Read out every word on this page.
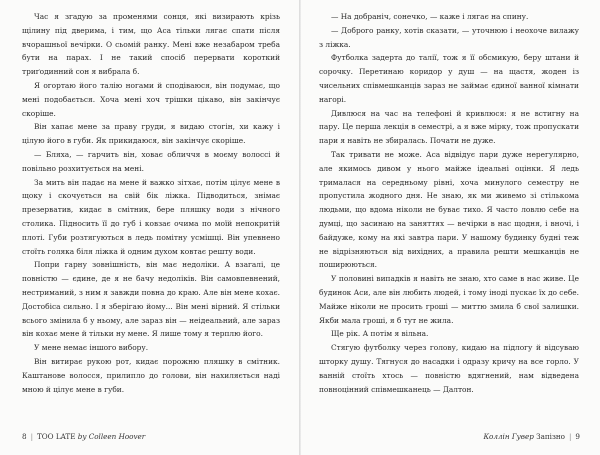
Час я згадую за променями сонця, які визирають крізь щілину під дверима, і тим, що Аса тільки лягає спати після вчорашньої вечірки. О сьомій ранку. Мені вже незабаром треба бути на парах. І не такий спосіб перервати короткий триґодинний сон я вибрала б.

Я огортаю його талію ногами й сподіваюся, він подумає, що мені подобається. Хоча мені хоч трішки цікаво, він закінчує скоріше.

Він хапає мене за праву груди, я видаю стогін, хи кажу і цілую його в губи. Як прикидаюся, він закінчує скоріше.

— Бляха, — гарчить він, ховає обличчя в моєму волоссі й повільно розхитується на мені.

За мить він падає на мене й важко зітхає, потім цілує мене в щоку і скочується на свій бік ліжка. Підводиться, знімає презерватив, кидає в смітник, бере пляшку води з нічного столика. Підносить її до губ і ковзає очима по моїй непокритій плоті. Губи розтягуються в ледь помітну усмішці. Він упевнено стоїть голяка біля ліжка й одним духом ковтає решту води.

Попри гарну зовнішність, він має недоліки. А взагалі, це повністю — єдине, де я не бачу недоліків. Він самовпевнений, нестриманий, з ним я завжди повна до краю. Але він мене кохає. Достобіса сильно. І я зберігаю йому... Він мені вірний. Я стільки всього змінила б у ньому, але зараз він — неідеальний, але зараз він кохає мене й тільки ну мене. Я лише тому я терплю його.

У мене немає іншого вибору.

Він витирає рукою рот, кидає порожню пляшку в смітник. Каштанове волосся, прилипло до голови, він нахиляється наді мною й цілує мене в губи.

8 | TOO LATE by Colleen Hoover

— На добраніч, сонечко, — каже і лягає на спину.

— Доброго ранку, хотів сказати, — уточнюю і неохоче вилажу з ліжка.

Футболка задерта до талії, тож я її обсмикую, беру штани й сорочку. Перетинаю коридор у душ — на щастя, жоден із чисельних співмешканців зараз не займає єдиної ванної кімнати нагорі.

Дивлюся на час на телефоні й кривлюся: я не встигну на пару. Це перша лекція в семестрі, а я вже мірку, тож пропускати пари я навіть не збиралась. Почати не дуже.

Так тривати не може. Аса відвідує пари дуже нерегулярно, але якимось дивом у нього майже ідеальні оцінки. Я ледь трималася на середньому рівні, хоча минулого семестру не пропустила жодного дня. Не знаю, як ми живемо зі стількома людьми, що вдома ніколи не буває тихо. Я часто ловлю себе на думці, що засинаю на заняттях — вечірки в нас щодня, і вночі, і байдуже, кому на які завтра пари. У нашому будинку будні теж не відрізняються від вихідних, а правила решти мешканців не поширюються.

У половині випадків я навіть не знаю, хто саме в нас живе. Це будинок Аси, але він любить людей, і тому іноді пускає їх до себе. Майже ніколи не просить гроші — миттю змила б свої залишки. Якби мала гроші, я б тут не жила.

Ще рік. А потім я вільна.

Стягую футболку через голову, кидаю на підлогу й відсуваю шторку душу. Тягнуся до насадки і одразу кричу на все горло. У ванній стоїть хтось — повністю вдягнений, нам відведена повноцінний співмешканець — Далтон.

Коллін Гувер Запізно | 9
